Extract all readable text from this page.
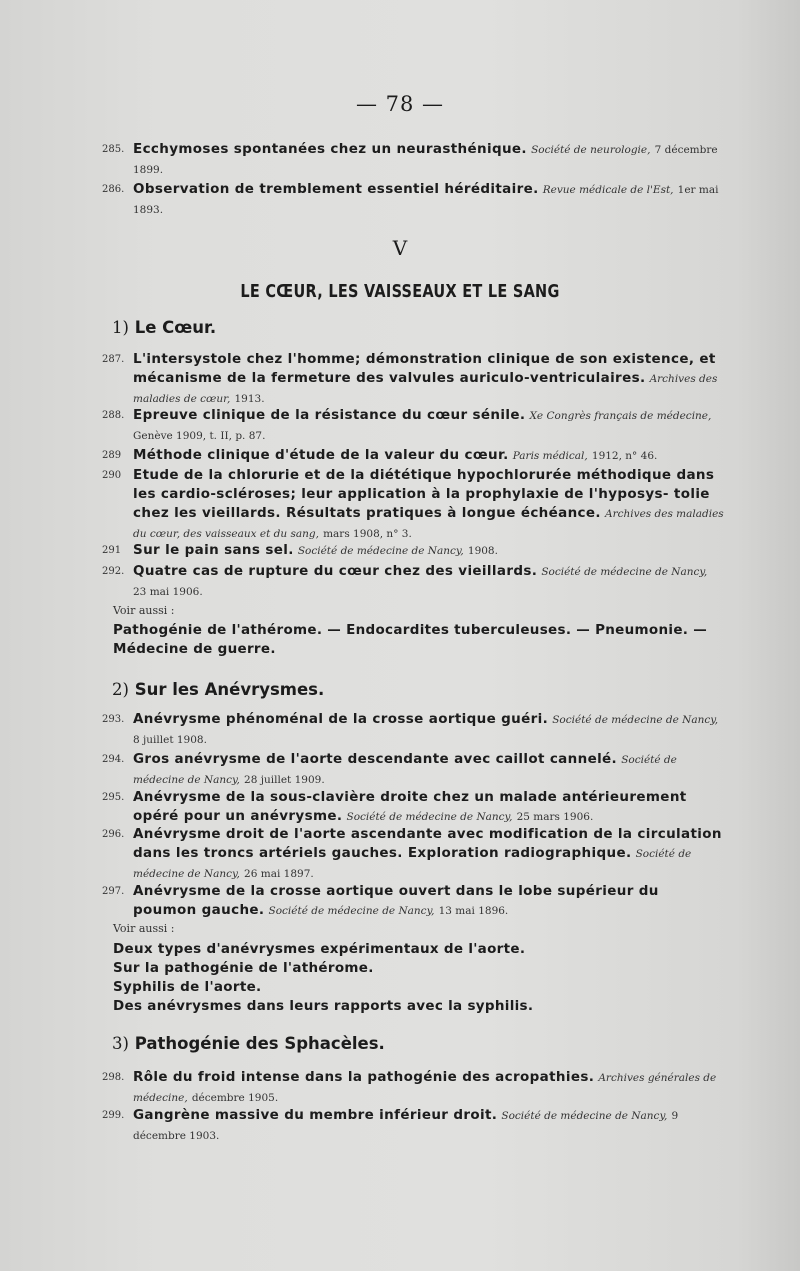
— 78 —
285. Ecchymoses spontanées chez un neurasthénique. Société de neurologie, 7 décembre 1899.
286. Observation de tremblement essentiel héréditaire. Revue médicale de l'Est, 1er mai 1893.
V
LE CŒUR, LES VAISSEAUX ET LE SANG
1) Le Cœur.
287. L'intersystole chez l'homme; démonstration clinique de son existence, et mécanisme de la fermeture des valvules auriculo-ventriculaires. Archives des maladies de cœur, 1913.
288. Epreuve clinique de la résistance du cœur sénile. Xe Congrès français de médecine, Genève 1909, t. II, p. 87.
289 Méthode clinique d'étude de la valeur du cœur. Paris médical, 1912, n° 46.
290 Etude de la chlorurie et de la diététique hypochlorurée méthodique dans les cardio-scléroses; leur application à la prophylaxie de l'hyposys- tolie chez les vieillards. Résultats pratiques à longue échéance. Archives des maladies du cœur, des vaisseaux et du sang, mars 1908, n° 3.
291 Sur le pain sans sel. Société de médecine de Nancy, 1908.
292. Quatre cas de rupture du cœur chez des vieillards. Société de médecine de Nancy, 23 mai 1906.
Voir aussi :
Pathogénie de l'athérome. — Endocardites tuberculeuses. — Pneumonie. — Médecine de guerre.
2) Sur les Anévrysmes.
293. Anévrysme phénoménal de la crosse aortique guéri. Société de médecine de Nancy, 8 juillet 1908.
294. Gros anévrysme de l'aorte descendante avec caillot cannelé. Société de médecine de Nancy, 28 juillet 1909.
295. Anévrysme de la sous-clavière droite chez un malade antérieurement opéré pour un anévrysme. Société de médecine de Nancy, 25 mars 1906.
296. Anévrysme droit de l'aorte ascendante avec modification de la circulation dans les troncs artériels gauches. Exploration radiographique. Société de médecine de Nancy, 26 mai 1897.
297. Anévrysme de la crosse aortique ouvert dans le lobe supérieur du poumon gauche. Société de médecine de Nancy, 13 mai 1896.
Voir aussi :
Deux types d'anévrysmes expérimentaux de l'aorte.
Sur la pathogénie de l'athérome.
Syphilis de l'aorte.
Des anévrysmes dans leurs rapports avec la syphilis.
3) Pathogénie des Sphacèles.
298. Rôle du froid intense dans la pathogénie des acropathies. Archives générales de médecine, décembre 1905.
299. Gangrène massive du membre inférieur droit. Société de médecine de Nancy, 9 décembre 1903.
